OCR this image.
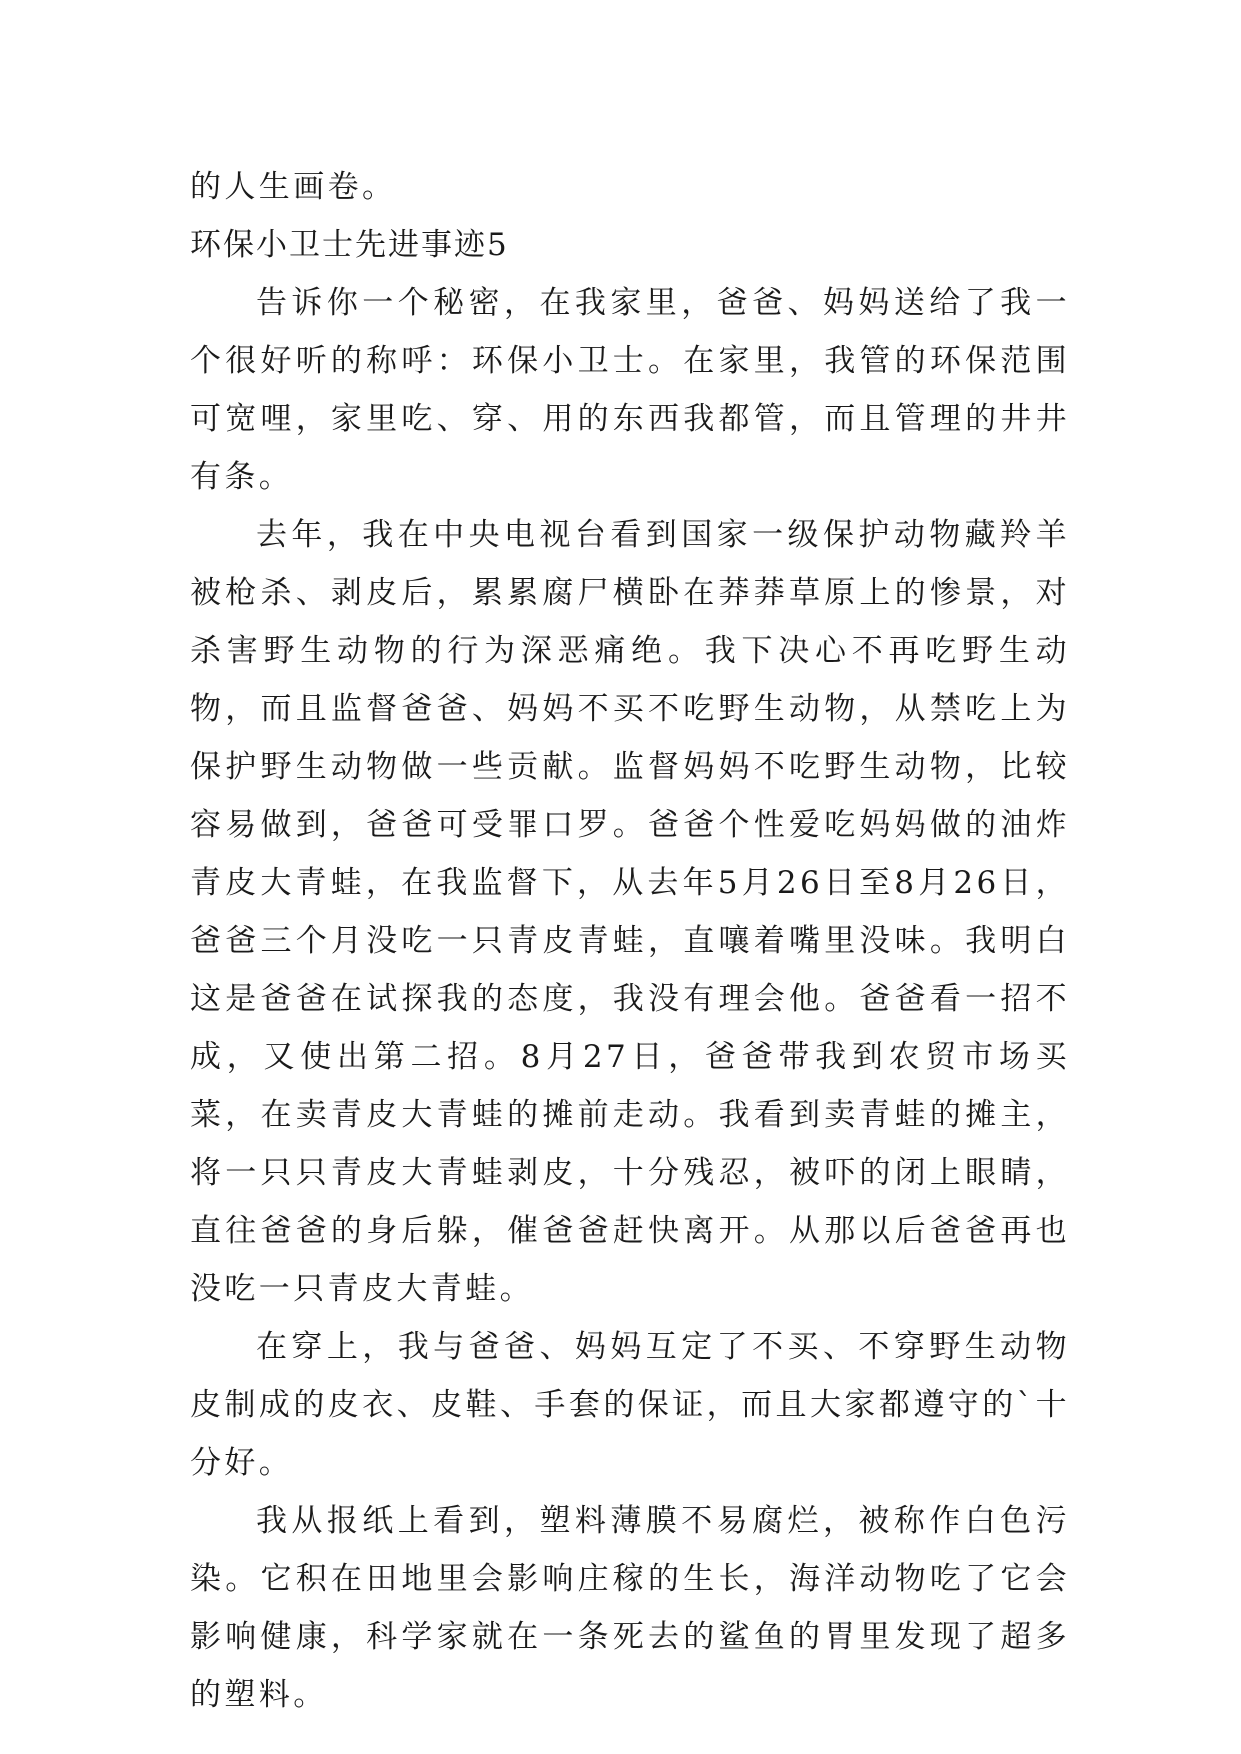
的人生画卷。

环保小卫士先进事迹5

告诉你一个秘密，在我家里，爸爸、妈妈送给了我一个很好听的称呼：环保小卫士。在家里，我管的环保范围可宽哩，家里吃、穿、用的东西我都管，而且管理的井井有条。

去年，我在中央电视台看到国家一级保护动物藏羚羊被枪杀、剥皮后，累累腐尸横卧在莽莽草原上的惨景，对杀害野生动物的行为深恶痛绝。我下决心不再吃野生动物，而且监督爸爸、妈妈不买不吃野生动物，从禁吃上为保护野生动物做一些贡献。监督妈妈不吃野生动物，比较容易做到，爸爸可受罪口罗。爸爸个性爱吃妈妈做的油炸青皮大青蛙，在我监督下，从去年5月26日至8月26日，爸爸三个月没吃一只青皮青蛙，直嚷着嘴里没味。我明白这是爸爸在试探我的态度，我没有理会他。爸爸看一招不成，又使出第二招。8月27日，爸爸带我到农贸市场买菜，在卖青皮大青蛙的摊前走动。我看到卖青蛙的摊主，将一只只青皮大青蛙剥皮，十分残忍，被吓的闭上眼睛，直往爸爸的身后躲，催爸爸赶快离开。从那以后爸爸再也没吃一只青皮大青蛙。

在穿上，我与爸爸、妈妈互定了不买、不穿野生动物皮制成的皮衣、皮鞋、手套的保证，而且大家都遵守的`十分好。

我从报纸上看到，塑料薄膜不易腐烂，被称作白色污染。它积在田地里会影响庄稼的生长，海洋动物吃了它会影响健康，科学家就在一条死去的鲨鱼的胃里发现了超多的塑料。
